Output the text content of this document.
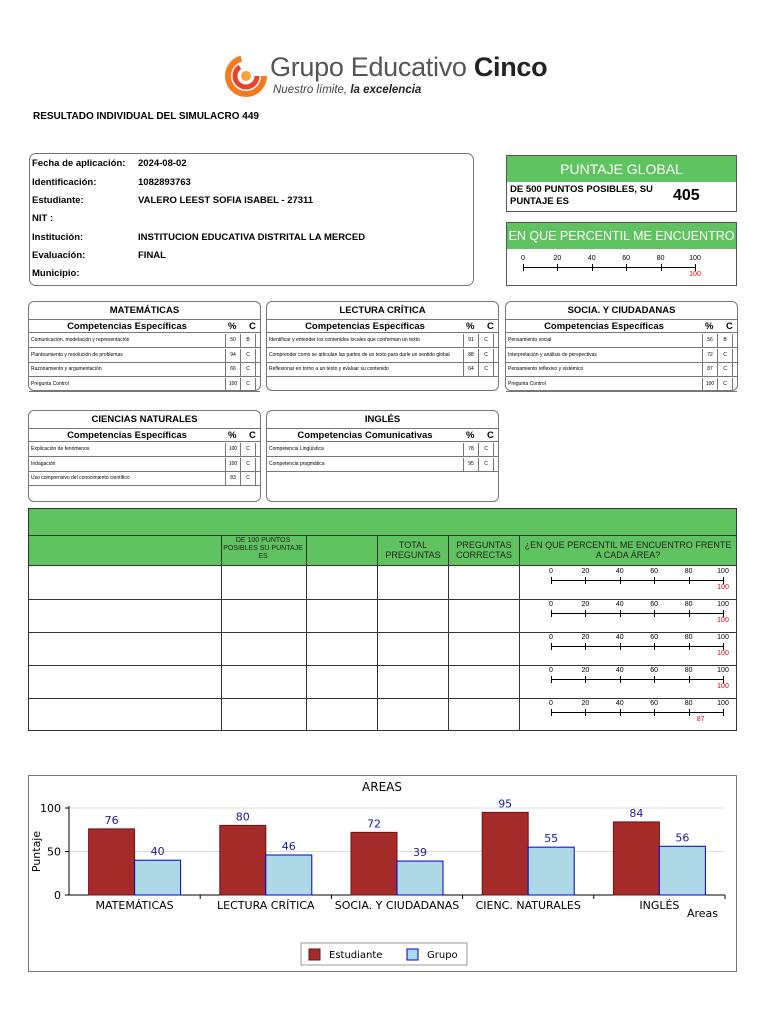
Grupo Educativo Cinco
Nuestro límite, la excelencia
RESULTADO INDIVIDUAL DEL SIMULACRO 449
PUNTAJE GLOBAL
DE 500 PUNTOS POSIBLES, SU PUNTAJE ES	405
EN QUE PERCENTIL ME ENCUENTRO
0	20	40	60	80	100
100
MATEMÁTICAS
Competencias Específicas	% C
Comunicación, modelación y representación	50	B
Planteamiento y resolución de problemas	94	C
Razonamiento y argumentación	66	C
Pregunta Control	100	C
LECTURA CRÍTICA
Competencias Específicas	% C
Identificar y entender los contenidos locales que conforman un texto	91	C
Comprender como se articulan las partes de un texto para darle un sentido global	88	C
Reflexionar en torno a un texto y evaluar su contenido	64	C
SOCIA. Y CIUDADANAS
Competencias Específicas	% C
Pensamiento social	56	B
Interpretación y análisis de perspectivas	72	C
Pensamiento reflexivo y sistémico	87	C
Pregunta Control	100	C
CIENCIAS NATURALES
Competencias Específicas	% C
Explicación de fenómenos	100	C
Indagación	100	C
Uso comprensivo del conocimiento científico	83	C
INGLÉS
Competencias Comunicativas	% C
Competencia Lingüística	78	C
Competencia pragmática	95	C
DE 100 PUNTOS POSIBLES SU PUNTAJE ES
TOTAL PREGUNTAS
PREGUNTAS CORRECTAS
¿EN QUE PERCENTIL ME ENCUENTRO FRENTE A CADA ÁREA?
0	20	40	60	80	100
100
0	20	40	60	80	100
100
0	20	40	60	80	100
100
0	20	40	60	80	100
100
0	20	40	60	80	100
87
AREAS
0
50
100
Puntaje
Areas
MATEMÁTICAS
76
40
LECTURA CRÍTICA
80
46
SOCIA. Y CIUDADANAS
72
39
CIENC. NATURALES
95
55
INGLÉS
84
56
Estudiante	Grupo
Fecha de aplicación: 2024-08-02
Identificación:	1082893763
Estudiante:	VALERO LEEST SOFIA ISABEL - 27311
NIT :
Institución:	INSTITUCION EDUCATIVA DISTRITAL LA MERCED
Evaluación:	FINAL
Municipio:
